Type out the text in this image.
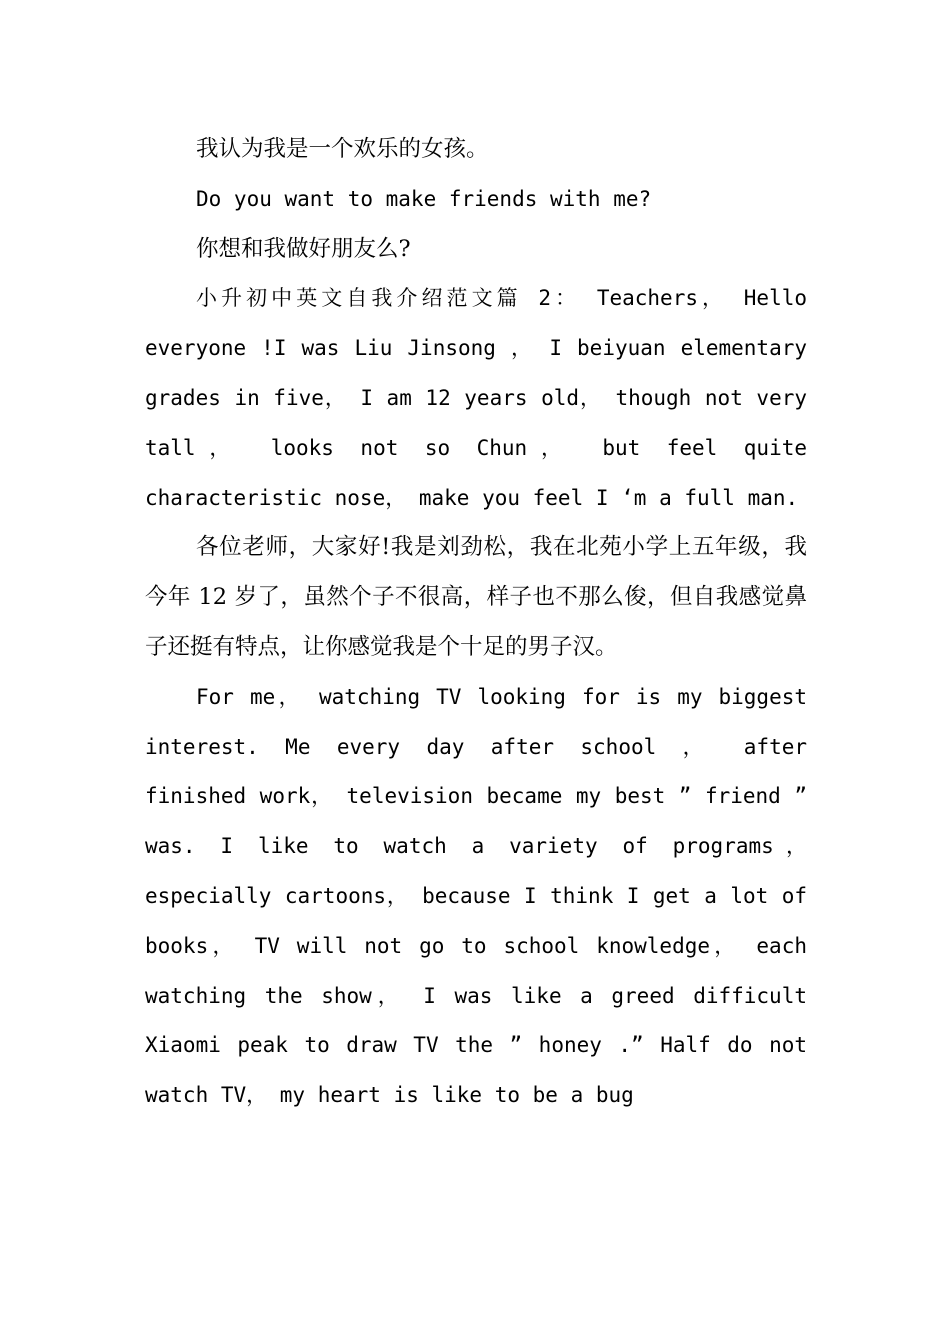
我认为我是一个欢乐的女孩。

Do you want to make friends with me?

你想和我做好朋友么?

小升初中英文自我介绍范文篇 2： Teachers， Hello everyone !I was Liu Jinsong ， I beiyuan elementary grades in five， I am 12 years old， though not very tall， looks not so Chun， but feel quite characteristic nose， make you feel I ‘m a full man.

各位老师，大家好!我是刘劲松，我在北苑小学上五年级，我今年 12 岁了，虽然个子不很高，样子也不那么俊，但自我感觉鼻子还挺有特点，让你感觉我是个十足的男子汉。

For me， watching TV looking for is my biggest interest. Me every day after school ， after finished work， television became my best ” friend ” was. I like to watch a variety of programs， especially cartoons， because I think I get a lot of books， TV will not go to school knowledge， each watching the show， I was like a greed difficult Xiaomi peak to draw TV the ” honey .” Half do not watch TV， my heart is like to be a bug
